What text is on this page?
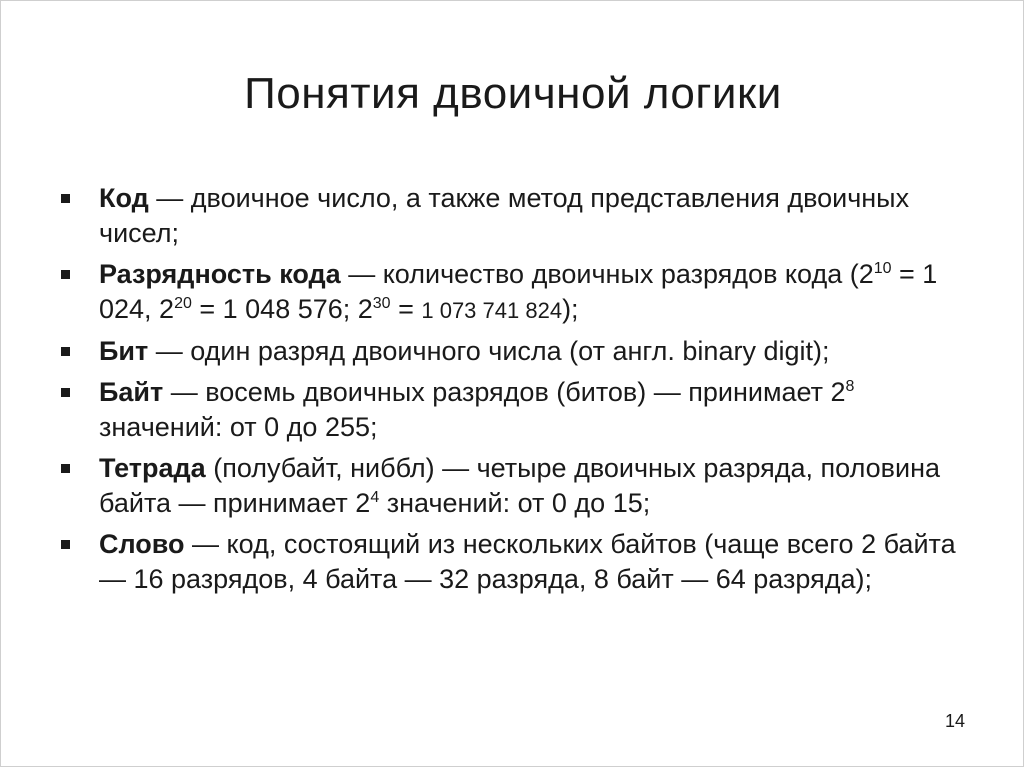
Понятия двоичной логики
Код — двоичное число, а также метод представления двоичных чисел;
Разрядность кода — количество двоичных разрядов кода ($2^{10} = 1$ 024, $2^{20} = 1$ 048 576; $2^{30} = 1$ 073 741 824);
Бит — один разряд двоичного числа (от англ. binary digit);
Байт — восемь двоичных разрядов (битов) — принимает $2^8$ значений: от 0 до 255;
Тетрада (полубайт, ниббл) — четыре двоичных разряда, половина байта — принимает $2^4$ значений: от 0 до 15;
Слово — код, состоящий из нескольких байтов (чаще всего 2 байта — 16 разрядов, 4 байта — 32 разряда, 8 байт — 64 разряда);

14
